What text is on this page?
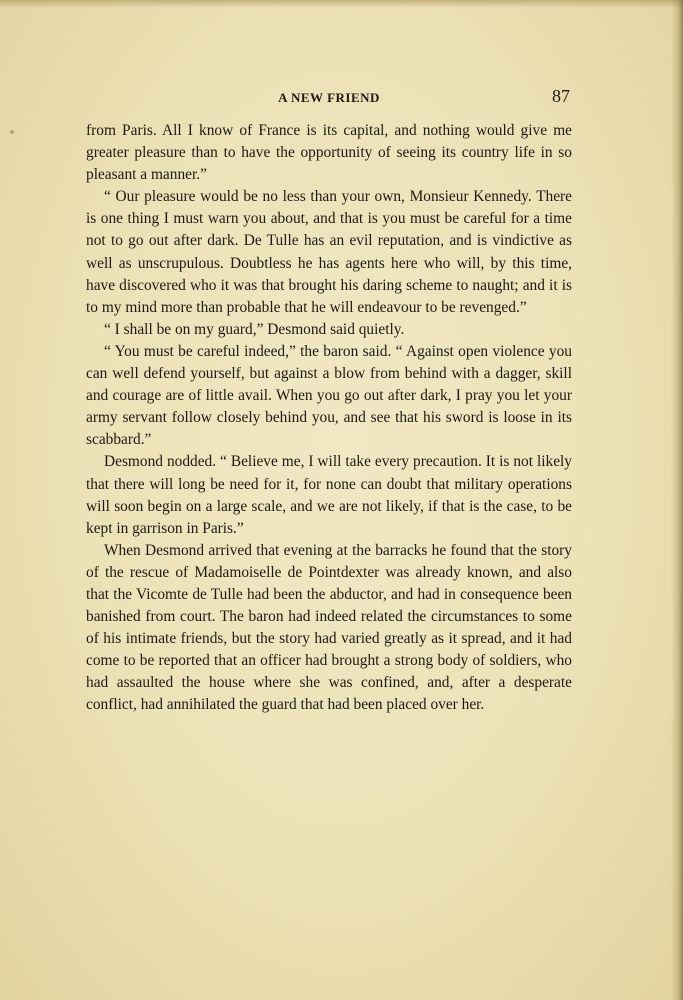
A NEW FRIEND	87

from Paris. All I know of France is its capital, and nothing would give me greater pleasure than to have the opportunity of seeing its country life in so pleasant a manner.”

“ Our pleasure would be no less than your own, Monsieur Kennedy. There is one thing I must warn you about, and that is you must be careful for a time not to go out after dark. De Tulle has an evil reputation, and is vindictive as well as unscrupulous. Doubtless he has agents here who will, by this time, have discovered who it was that brought his daring scheme to naught; and it is to my mind more than probable that he will endeavour to be revenged.”

“ I shall be on my guard,” Desmond said quietly.

“ You must be careful indeed,” the baron said. “ Against open violence you can well defend yourself, but against a blow from behind with a dagger, skill and courage are of little avail. When you go out after dark, I pray you let your army servant follow closely behind you, and see that his sword is loose in its scabbard.”

Desmond nodded. “ Believe me, I will take every precaution. It is not likely that there will long be need for it, for none can doubt that military operations will soon begin on a large scale, and we are not likely, if that is the case, to be kept in garrison in Paris.”

When Desmond arrived that evening at the barracks he found that the story of the rescue of Madamoiselle de Pointdexter was already known, and also that the Vicomte de Tulle had been the abductor, and had in consequence been banished from court. The baron had indeed related the circumstances to some of his intimate friends, but the story had varied greatly as it spread, and it had come to be reported that an officer had brought a strong body of soldiers, who had assaulted the house where she was confined, and, after a desperate conflict, had annihilated the guard that had been placed over her.
